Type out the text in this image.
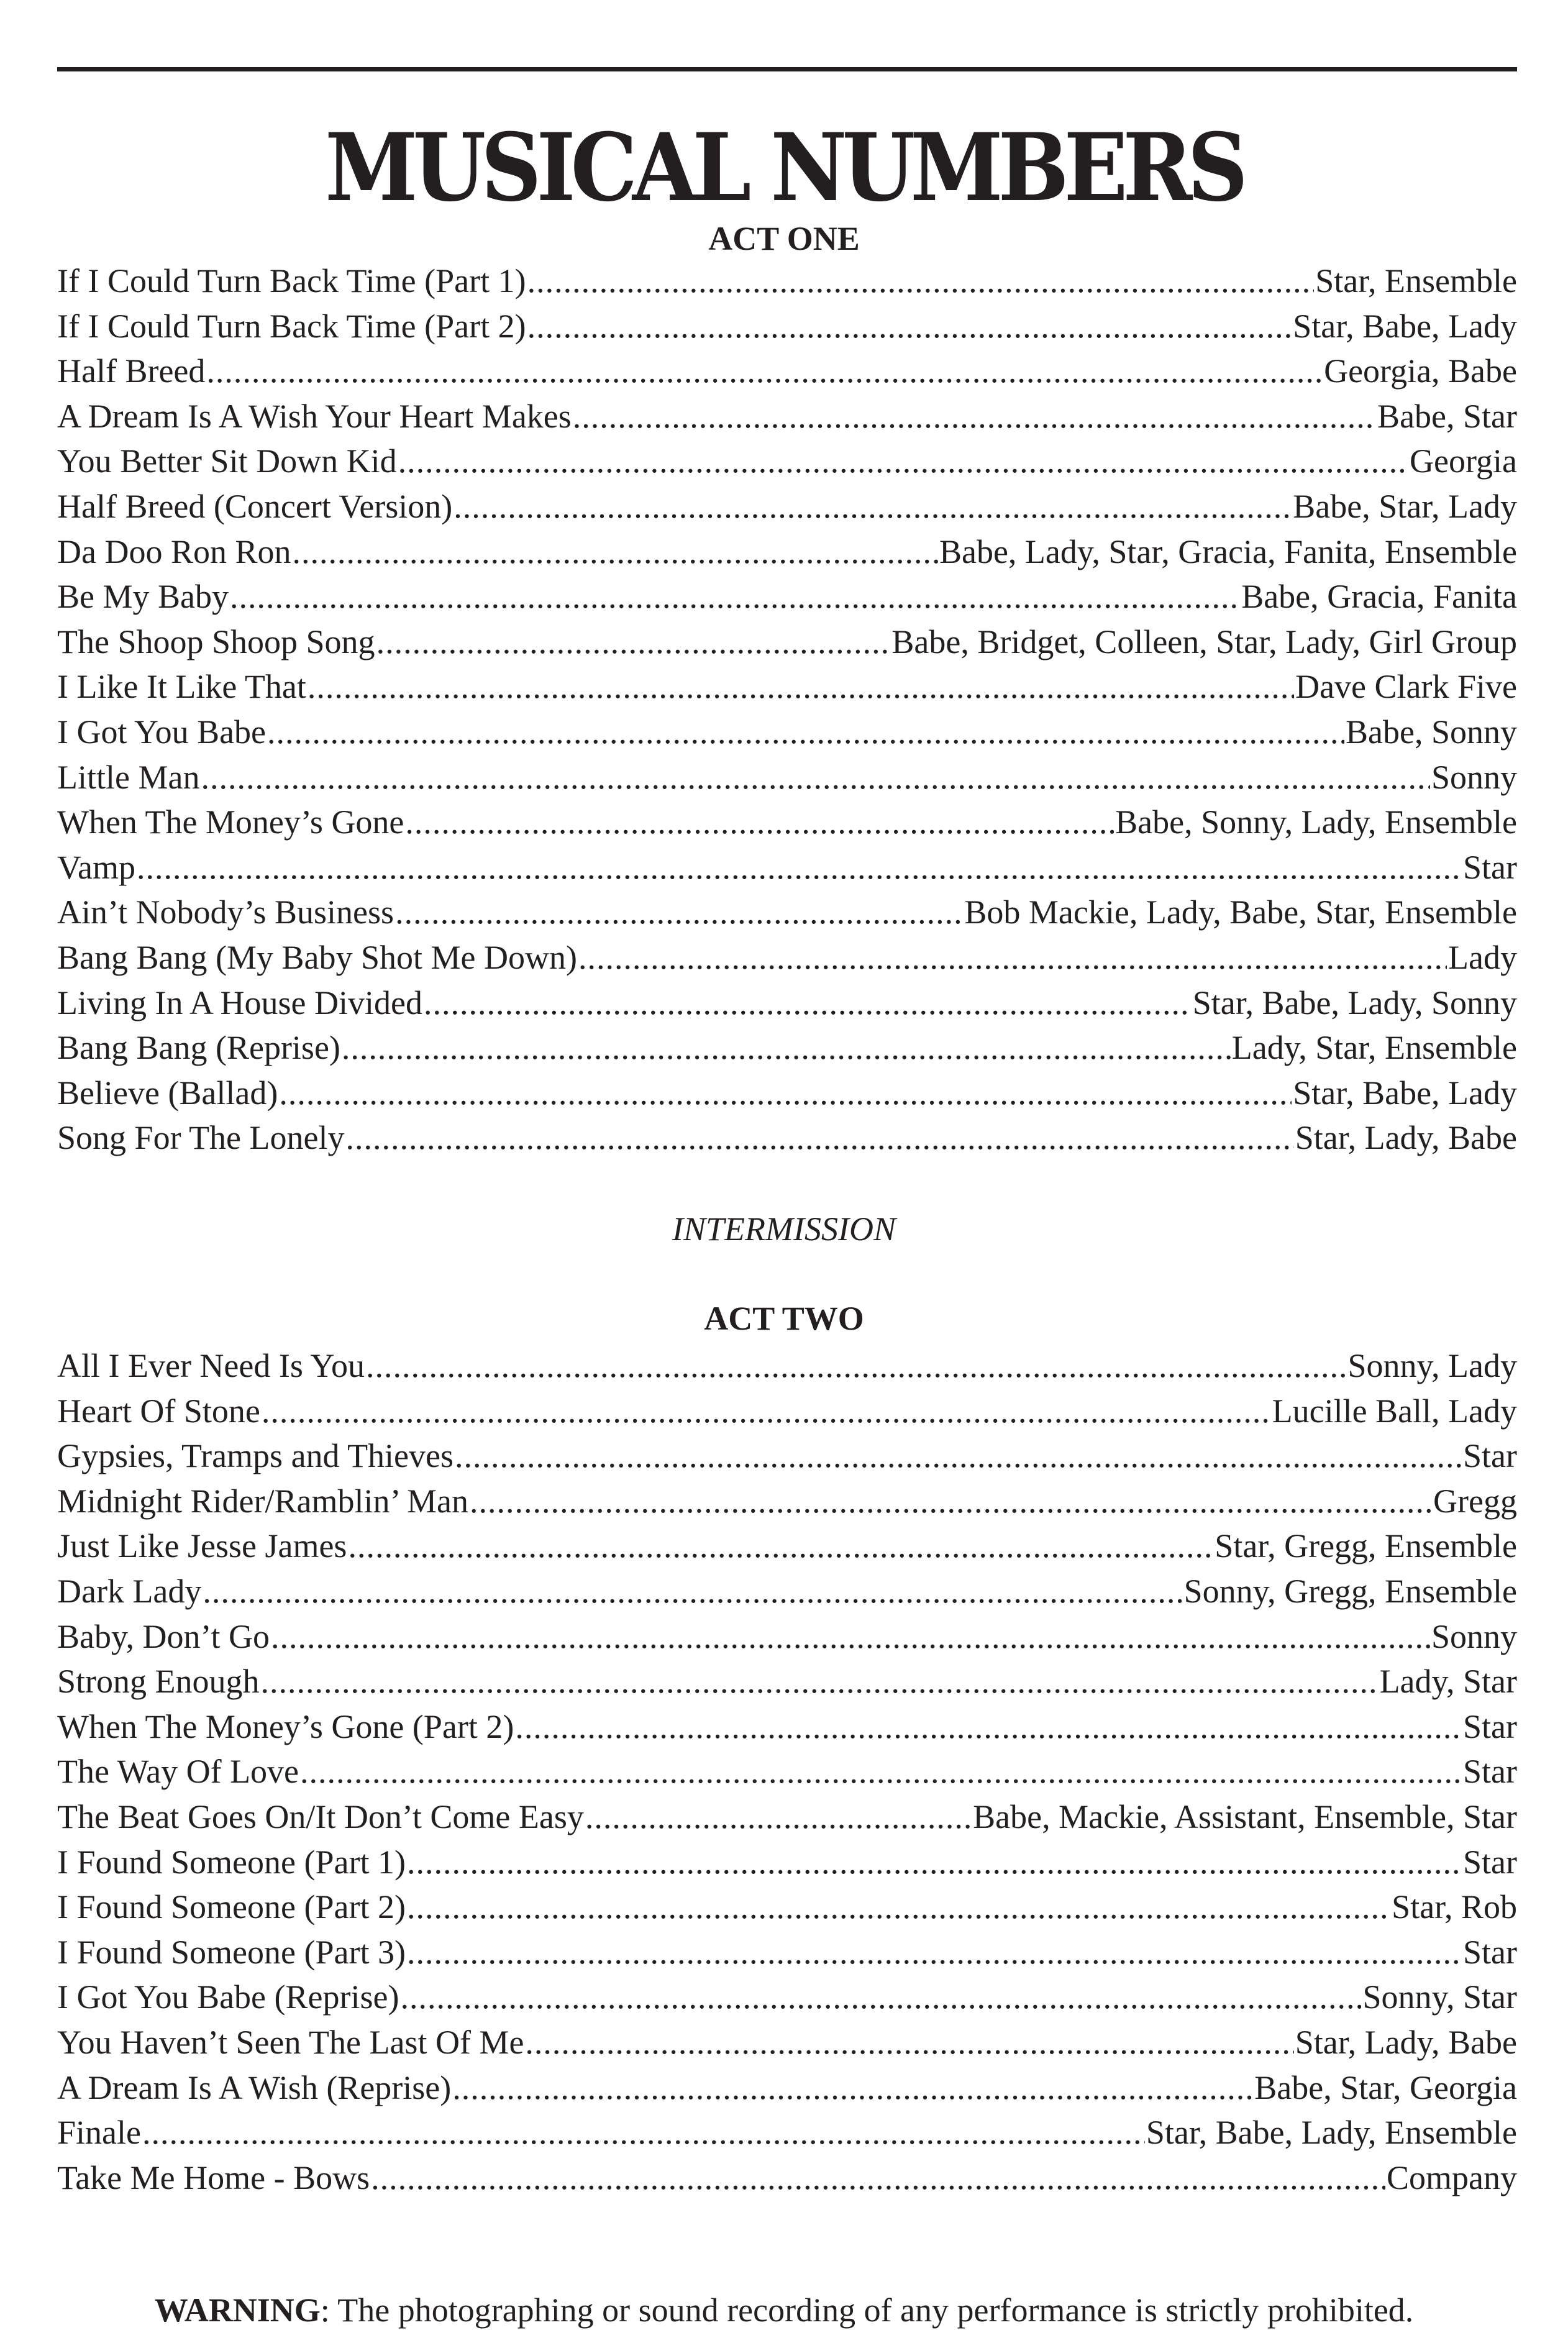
MUSICAL NUMBERS
ACT ONE
If I Could Turn Back Time (Part 1) .....	Star, Ensemble
If I Could Turn Back Time (Part 2) .....	Star, Babe, Lady
Half Breed .....	Georgia, Babe
A Dream Is A Wish Your Heart Makes .....	Babe, Star
You Better Sit Down Kid .....	Georgia
Half Breed (Concert Version) .....	Babe, Star, Lady
Da Doo Ron Ron .....	Babe, Lady, Star, Gracia, Fanita, Ensemble
Be My Baby .....	Babe, Gracia, Fanita
The Shoop Shoop Song .....	Babe, Bridget, Colleen, Star, Lady, Girl Group
I Like It Like That .....	Dave Clark Five
I Got You Babe .....	Babe, Sonny
Little Man .....	Sonny
When The Money’s Gone .....	Babe, Sonny, Lady, Ensemble
Vamp .....	Star
Ain’t Nobody’s Business .....	Bob Mackie, Lady, Babe, Star, Ensemble
Bang Bang (My Baby Shot Me Down) .....	Lady
Living In A House Divided .....	Star, Babe, Lady, Sonny
Bang Bang (Reprise) .....	Lady, Star, Ensemble
Believe (Ballad) .....	Star, Babe, Lady
Song For The Lonely .....	Star, Lady, Babe
INTERMISSION
ACT TWO
All I Ever Need Is You .....	Sonny, Lady
Heart Of Stone .....	Lucille Ball, Lady
Gypsies, Tramps and Thieves .....	Star
Midnight Rider/Ramblin’ Man .....	Gregg
Just Like Jesse James .....	Star, Gregg, Ensemble
Dark Lady .....	Sonny, Gregg, Ensemble
Baby, Don’t Go .....	Sonny
Strong Enough .....	Lady, Star
When The Money’s Gone (Part 2) .....	Star
The Way Of Love .....	Star
The Beat Goes On/It Don’t Come Easy .....	Babe, Mackie, Assistant, Ensemble, Star
I Found Someone (Part 1) .....	Star
I Found Someone (Part 2) .....	Star, Rob
I Found Someone (Part 3) .....	Star
I Got You Babe (Reprise) .....	Sonny, Star
You Haven’t Seen The Last Of Me .....	Star, Lady, Babe
A Dream Is A Wish (Reprise) .....	Babe, Star, Georgia
Finale .....	Star, Babe, Lady, Ensemble
Take Me Home - Bows .....	Company
WARNING: The photographing or sound recording of any performance is strictly prohibited.
